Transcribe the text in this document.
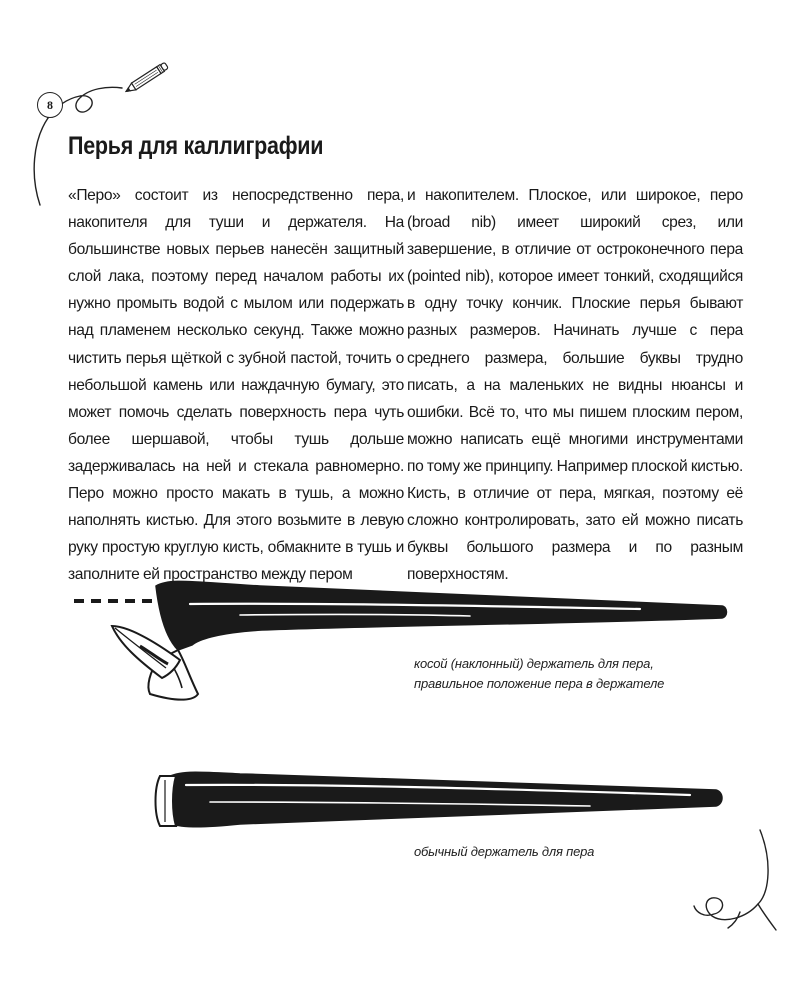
8
Перья для каллиграфии

«Перо» состоит из непосредственно пера, накопителя для туши и держателя. На большинстве новых перьев нанесён защитный слой лака, поэтому перед началом работы их нужно промыть водой с мылом или подержать над пламенем несколько секунд. Также можно чистить перья щёткой с зубной пастой, точить о небольшой камень или наждачную бумагу, это может помочь сделать поверхность пера чуть более шершавой, чтобы тушь дольше задерживалась на ней и стекала равномерно. Перо можно просто макать в тушь, а можно наполнять кистью. Для этого возьмите в левую руку простую круглую кисть, обмакните в тушь и заполните ей пространство между пером

и накопителем. Плоское, или широкое, перо (broad nib) имеет широкий срез, или завершение, в отличие от остроконечного пера (pointed nib), которое имеет тонкий, сходящийся в одну точку кончик. Плоские перья бывают разных размеров. Начинать лучше с пера среднего размера, большие буквы трудно писать, а на маленьких не видны нюансы и ошибки. Всё то, что мы пишем плоским пером, можно написать ещё многими инструментами по тому же принципу. Например плоской кистью. Кисть, в отличие от пера, мягкая, поэтому её сложно контролировать, зато ей можно писать буквы большого размера и по разным поверхностям.

косой (наклонный) держатель для пера,
правильное положение пера в держателе

обычный держатель для пера
